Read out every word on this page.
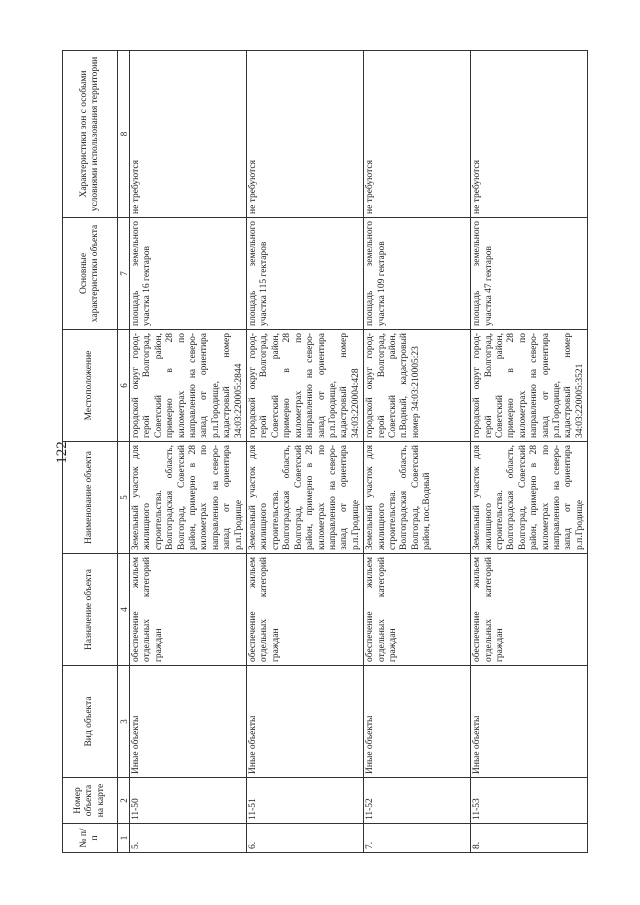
122
№ п/п	Номер объекта на карте	Вид объекта	Назначение объекта	Наименование объекта	Местоположение	Основные характеристики объекта	Характеристики зон с особыми условиями использования территории
1	2	3	4	5	6	7	8
5.	11-50	Иные объекты	обеспечение жильем отдельных категорий граждан	Земельный участок для жилищного строительства. Волгоградская область, Волгоград, Советский район, примерно в 28 километрах по направлению на северо-запад от ориентира р.п.Гродище	городской округ город-герой Волгоград, Советский район, примерно в 28 километрах по направлению на северо-запад от ориентира р.п.Городище, кадастровый номер 34:03:220005:2844	площадь земельного участка 16 гектаров	не требуются
6.	11-51	Иные объекты	обеспечение жильем отдельных категорий граждан	Земельный участок для жилищного строительства. Волгоградская область, Волгоград, Советский район, примерно в 28 километрах по направлению на северо-запад от ориентира р.п.Гродище	городской округ город-герой Волгоград, Советский район, примерно в 28 километрах по направлению на северо-запад от ориентира р.п.Городище, кадастровый номер 34:03:220004:428	площадь земельного участка 115 гектаров	не требуются
7.	11-52	Иные объекты	обеспечение жильем отдельных категорий граждан	Земельный участок для жилищного строительства. Волгоградская область, Волгоград, Советский район, пос.Водный	городской округ город-герой Волгоград, Советский район, п.Водный, кадастровый номер 34:03:210005:23	площадь земельного участка 109 гектаров	не требуются
8.	11-53	Иные объекты	обеспечение жильем отдельных категорий граждан	Земельный участок для жилищного строительства. Волгоградская область, Волгоград, Советский район, примерно в 28 километрах по направлению на северо-запад от ориентира р.п.Гродище	городской округ город-герой Волгоград, Советский район, примерно в 28 километрах по направлению на северо-запад от ориентира р.п.Городище, кадастровый номер 34:03:220005:3521	площадь земельного участка 47 гектаров	не требуются
